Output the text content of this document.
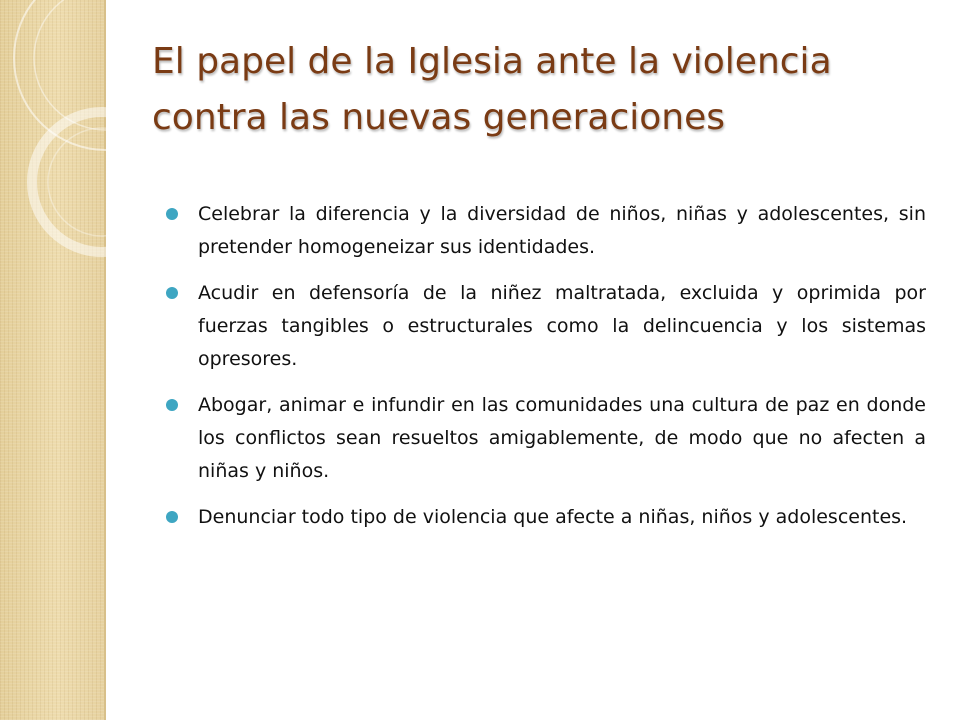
El papel de la Iglesia ante la violencia contra las nuevas generaciones
Celebrar la diferencia y la diversidad de niños, niñas y adolescentes, sin pretender homogeneizar sus identidades.
Acudir en defensoría de la niñez maltratada, excluida y oprimida por fuerzas tangibles o estructurales como la delincuencia y los sistemas opresores.
Abogar, animar e infundir en las comunidades una cultura de paz en donde los conflictos sean resueltos amigablemente, de modo que no afecten a niñas y niños.
Denunciar todo tipo de violencia que afecte a niñas, niños y adolescentes.
